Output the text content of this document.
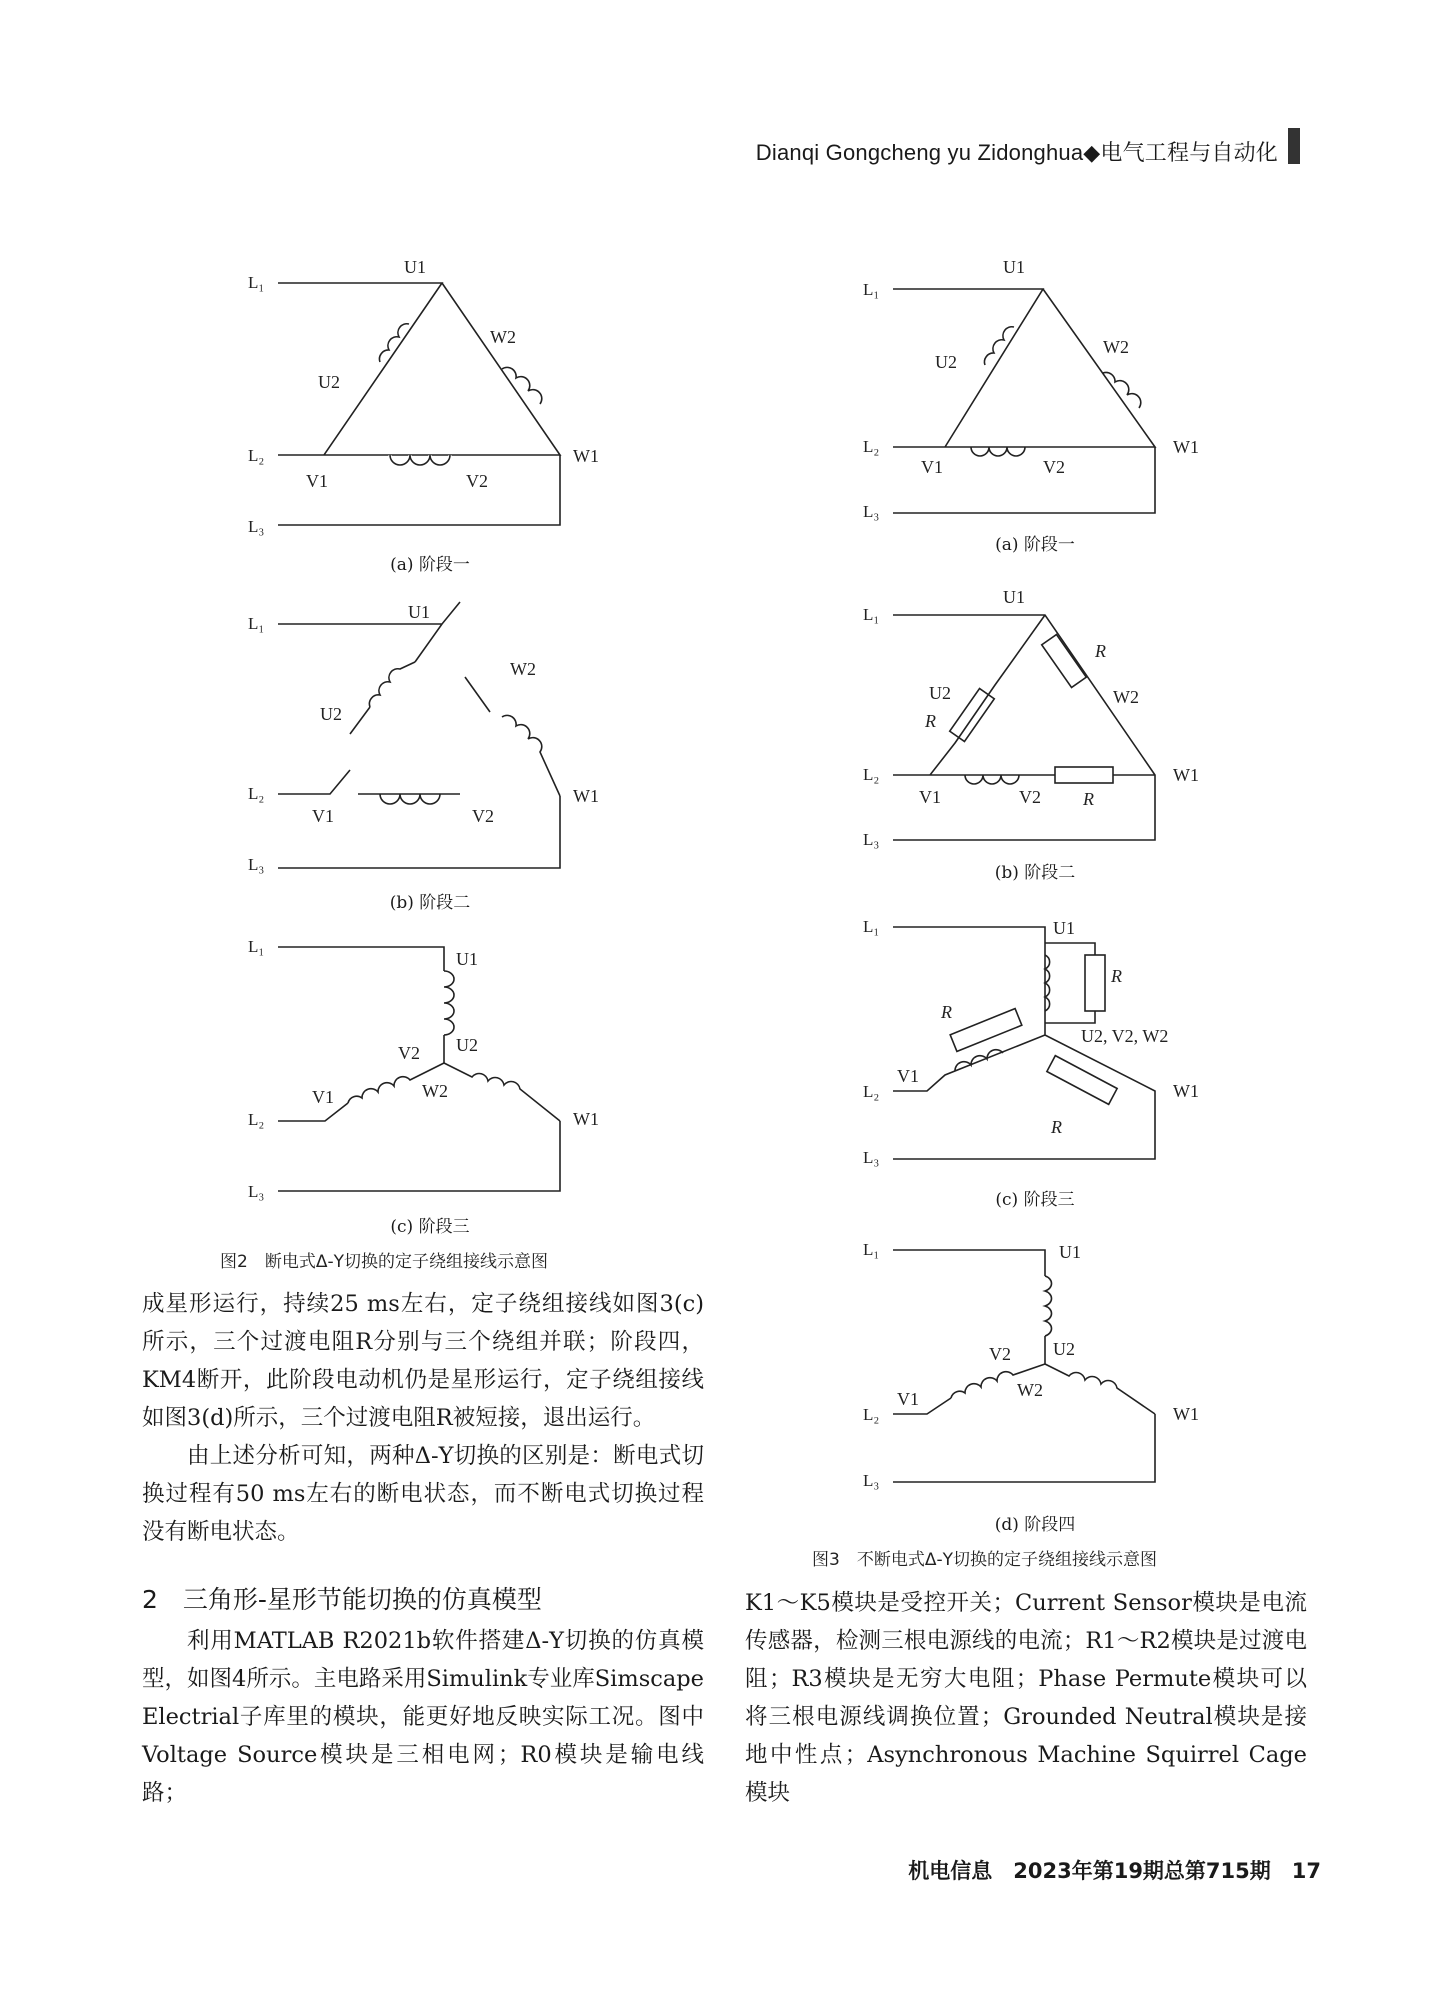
Dianqi Gongcheng yu Zidonghua◆电气工程与自动化
L₁
L₂
L₃
U1
W2
U2
V1	V2
W1
(a) 阶段一
L₁
L₂
L₃
U1
W2
U2
V1	V2
W1
(b) 阶段二
L₁
L₂
L₃
U1
U2
V2
W2
V1
W1
(c) 阶段三
图2　断电式Δ-Y切换的定子绕组接线示意图
L₁
L₂
L₃
U1
W2
U2
V1	V2
W1
(a) 阶段一
L₁
L₂
L₃
U1
W2
U2
V1	V2
W1
R
R
R
(b) 阶段二
L₁
L₂
L₃
U1
U2, V2, W2
V1
W1
R
R
R
(c) 阶段三
L₁
L₂
L₃
U1
U2
V2
W2
V1
W1
(d) 阶段四
图3　不断电式Δ-Y切换的定子绕组接线示意图

成星形运行，持续25 ms左右，定子绕组接线如图3(c)所示，三个过渡电阻R分别与三个绕组并联；阶段四，KM4断开，此阶段电动机仍是星形运行，定子绕组接线如图3(d)所示，三个过渡电阻R被短接，退出运行。

由上述分析可知，两种Δ-Y切换的区别是：断电式切换过程有50 ms左右的断电状态，而不断电式切换过程没有断电状态。

2　三角形-星形节能切换的仿真模型

利用MATLAB R2021b软件搭建Δ-Y切换的仿真模型，如图4所示。主电路采用Simulink专业库Simscape Electrial子库里的模块，能更好地反映实际工况。图中Voltage Source模块是三相电网；R0模块是输电线路；

K1～K5模块是受控开关；Current Sensor模块是电流传感器，检测三根电源线的电流；R1～R2模块是过渡电阻；R3模块是无穷大电阻；Phase Permute模块可以将三根电源线调换位置；Grounded Neutral模块是接地中性点；Asynchronous Machine Squirrel Cage模块

机电信息　2023年第19期总第715期　17
